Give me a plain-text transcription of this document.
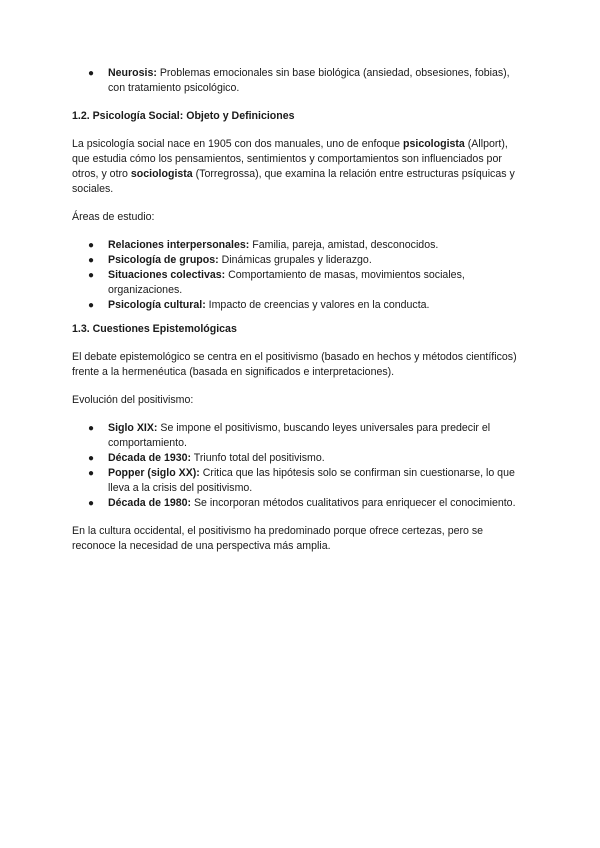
● Neurosis: Problemas emocionales sin base biológica (ansiedad, obsesiones, fobias), con tratamiento psicológico.
1.2. Psicología Social: Objeto y Definiciones

La psicología social nace en 1905 con dos manuales, uno de enfoque psicologista (Allport), que estudia cómo los pensamientos, sentimientos y comportamientos son influenciados por otros, y otro sociologista (Torregrossa), que examina la relación entre estructuras psíquicas y sociales.

Áreas de estudio:

● Relaciones interpersonales: Familia, pareja, amistad, desconocidos.
● Psicología de grupos: Dinámicas grupales y liderazgo.
● Situaciones colectivas: Comportamiento de masas, movimientos sociales, organizaciones.
● Psicología cultural: Impacto de creencias y valores en la conducta.
1.3. Cuestiones Epistemológicas

El debate epistemológico se centra en el positivismo (basado en hechos y métodos científicos) frente a la hermenéutica (basada en significados e interpretaciones).

Evolución del positivismo:

● Siglo XIX: Se impone el positivismo, buscando leyes universales para predecir el comportamiento.
● Década de 1930: Triunfo total del positivismo.
● Popper (siglo XX): Critica que las hipótesis solo se confirman sin cuestionarse, lo que lleva a la crisis del positivismo.
● Década de 1980: Se incorporan métodos cualitativos para enriquecer el conocimiento.

En la cultura occidental, el positivismo ha predominado porque ofrece certezas, pero se reconoce la necesidad de una perspectiva más amplia.
